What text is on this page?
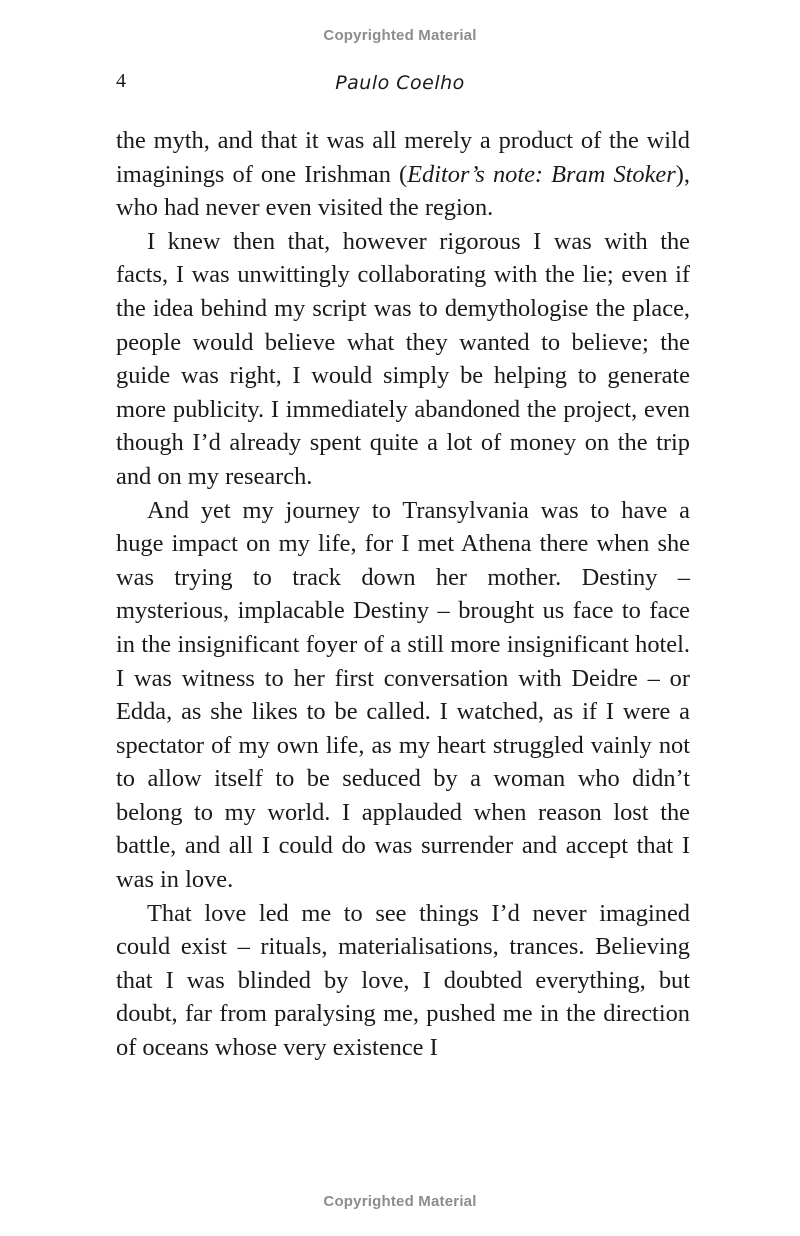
Copyrighted Material
4	Paulo Coelho

the myth, and that it was all merely a product of the wild imaginings of one Irishman (Editor’s note: Bram Stoker), who had never even visited the region.

I knew then that, however rigorous I was with the facts, I was unwittingly collaborating with the lie; even if the idea behind my script was to demythologise the place, people would believe what they wanted to believe; the guide was right, I would simply be helping to generate more publicity. I immediately abandoned the project, even though I’d already spent quite a lot of money on the trip and on my research.

And yet my journey to Transylvania was to have a huge impact on my life, for I met Athena there when she was trying to track down her mother. Destiny – mysterious, implacable Destiny – brought us face to face in the insignificant foyer of a still more insignificant hotel. I was witness to her first conversation with Deidre – or Edda, as she likes to be called. I watched, as if I were a spectator of my own life, as my heart struggled vainly not to allow itself to be seduced by a woman who didn’t belong to my world. I applauded when reason lost the battle, and all I could do was surrender and accept that I was in love.

That love led me to see things I’d never imagined could exist – rituals, materialisations, trances. Believing that I was blinded by love, I doubted everything, but doubt, far from paralysing me, pushed me in the direction of oceans whose very existence I

Copyrighted Material
